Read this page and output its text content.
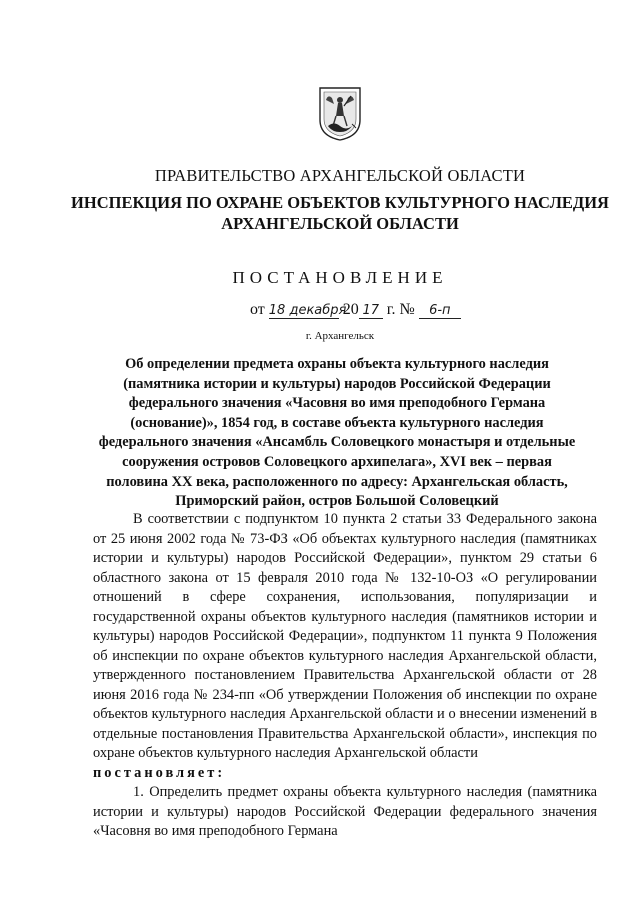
ПРАВИТЕЛЬСТВО АРХАНГЕЛЬСКОЙ ОБЛАСТИ
ИНСПЕКЦИЯ ПО ОХРАНЕ ОБЪЕКТОВ КУЛЬТУРНОГО НАСЛЕДИЯ
АРХАНГЕЛЬСКОЙ ОБЛАСТИ
ПОСТАНОВЛЕНИЕ
от 18 декабря 20 17 г. № 6-п
г. Архангельск
Об определении предмета охраны объекта культурного наследия
(памятника истории и культуры) народов Российской Федерации
федерального значения «Часовня во имя преподобного Германа
(основание)», 1854 год, в составе объекта культурного наследия
федерального значения «Ансамбль Соловецкого монастыря и отдельные
сооружения островов Соловецкого архипелага», XVI век – первая
половина XX века, расположенного по адресу: Архангельская область,
Приморский район, остров Большой Соловецкий

В соответствии с подпунктом 10 пункта 2 статьи 33 Федерального закона от 25 июня 2002 года № 73-ФЗ «Об объектах культурного наследия (памятниках истории и культуры) народов Российской Федерации», пунктом 29 статьи 6 областного закона от 15 февраля 2010 года № 132-10-ОЗ «О регулировании отношений в сфере сохранения, использования, популяризации и государственной охраны объектов культурного наследия (памятников истории и культуры) народов Российской Федерации», подпунктом 11 пункта 9 Положения об инспекции по охране объектов культурного наследия Архангельской области, утвержденного постановлением Правительства Архангельской области от 28 июня 2016 года № 234-пп «Об утверждении Положения об инспекции по охране объектов культурного наследия Архангельской области и о внесении изменений в отдельные постановления Правительства Архангельской области», инспекция по охране объектов культурного наследия Архангельской области

постановляет:

1. Определить предмет охраны объекта культурного наследия (памятника истории и культуры) народов Российской Федерации федерального значения «Часовня во имя преподобного Германа
